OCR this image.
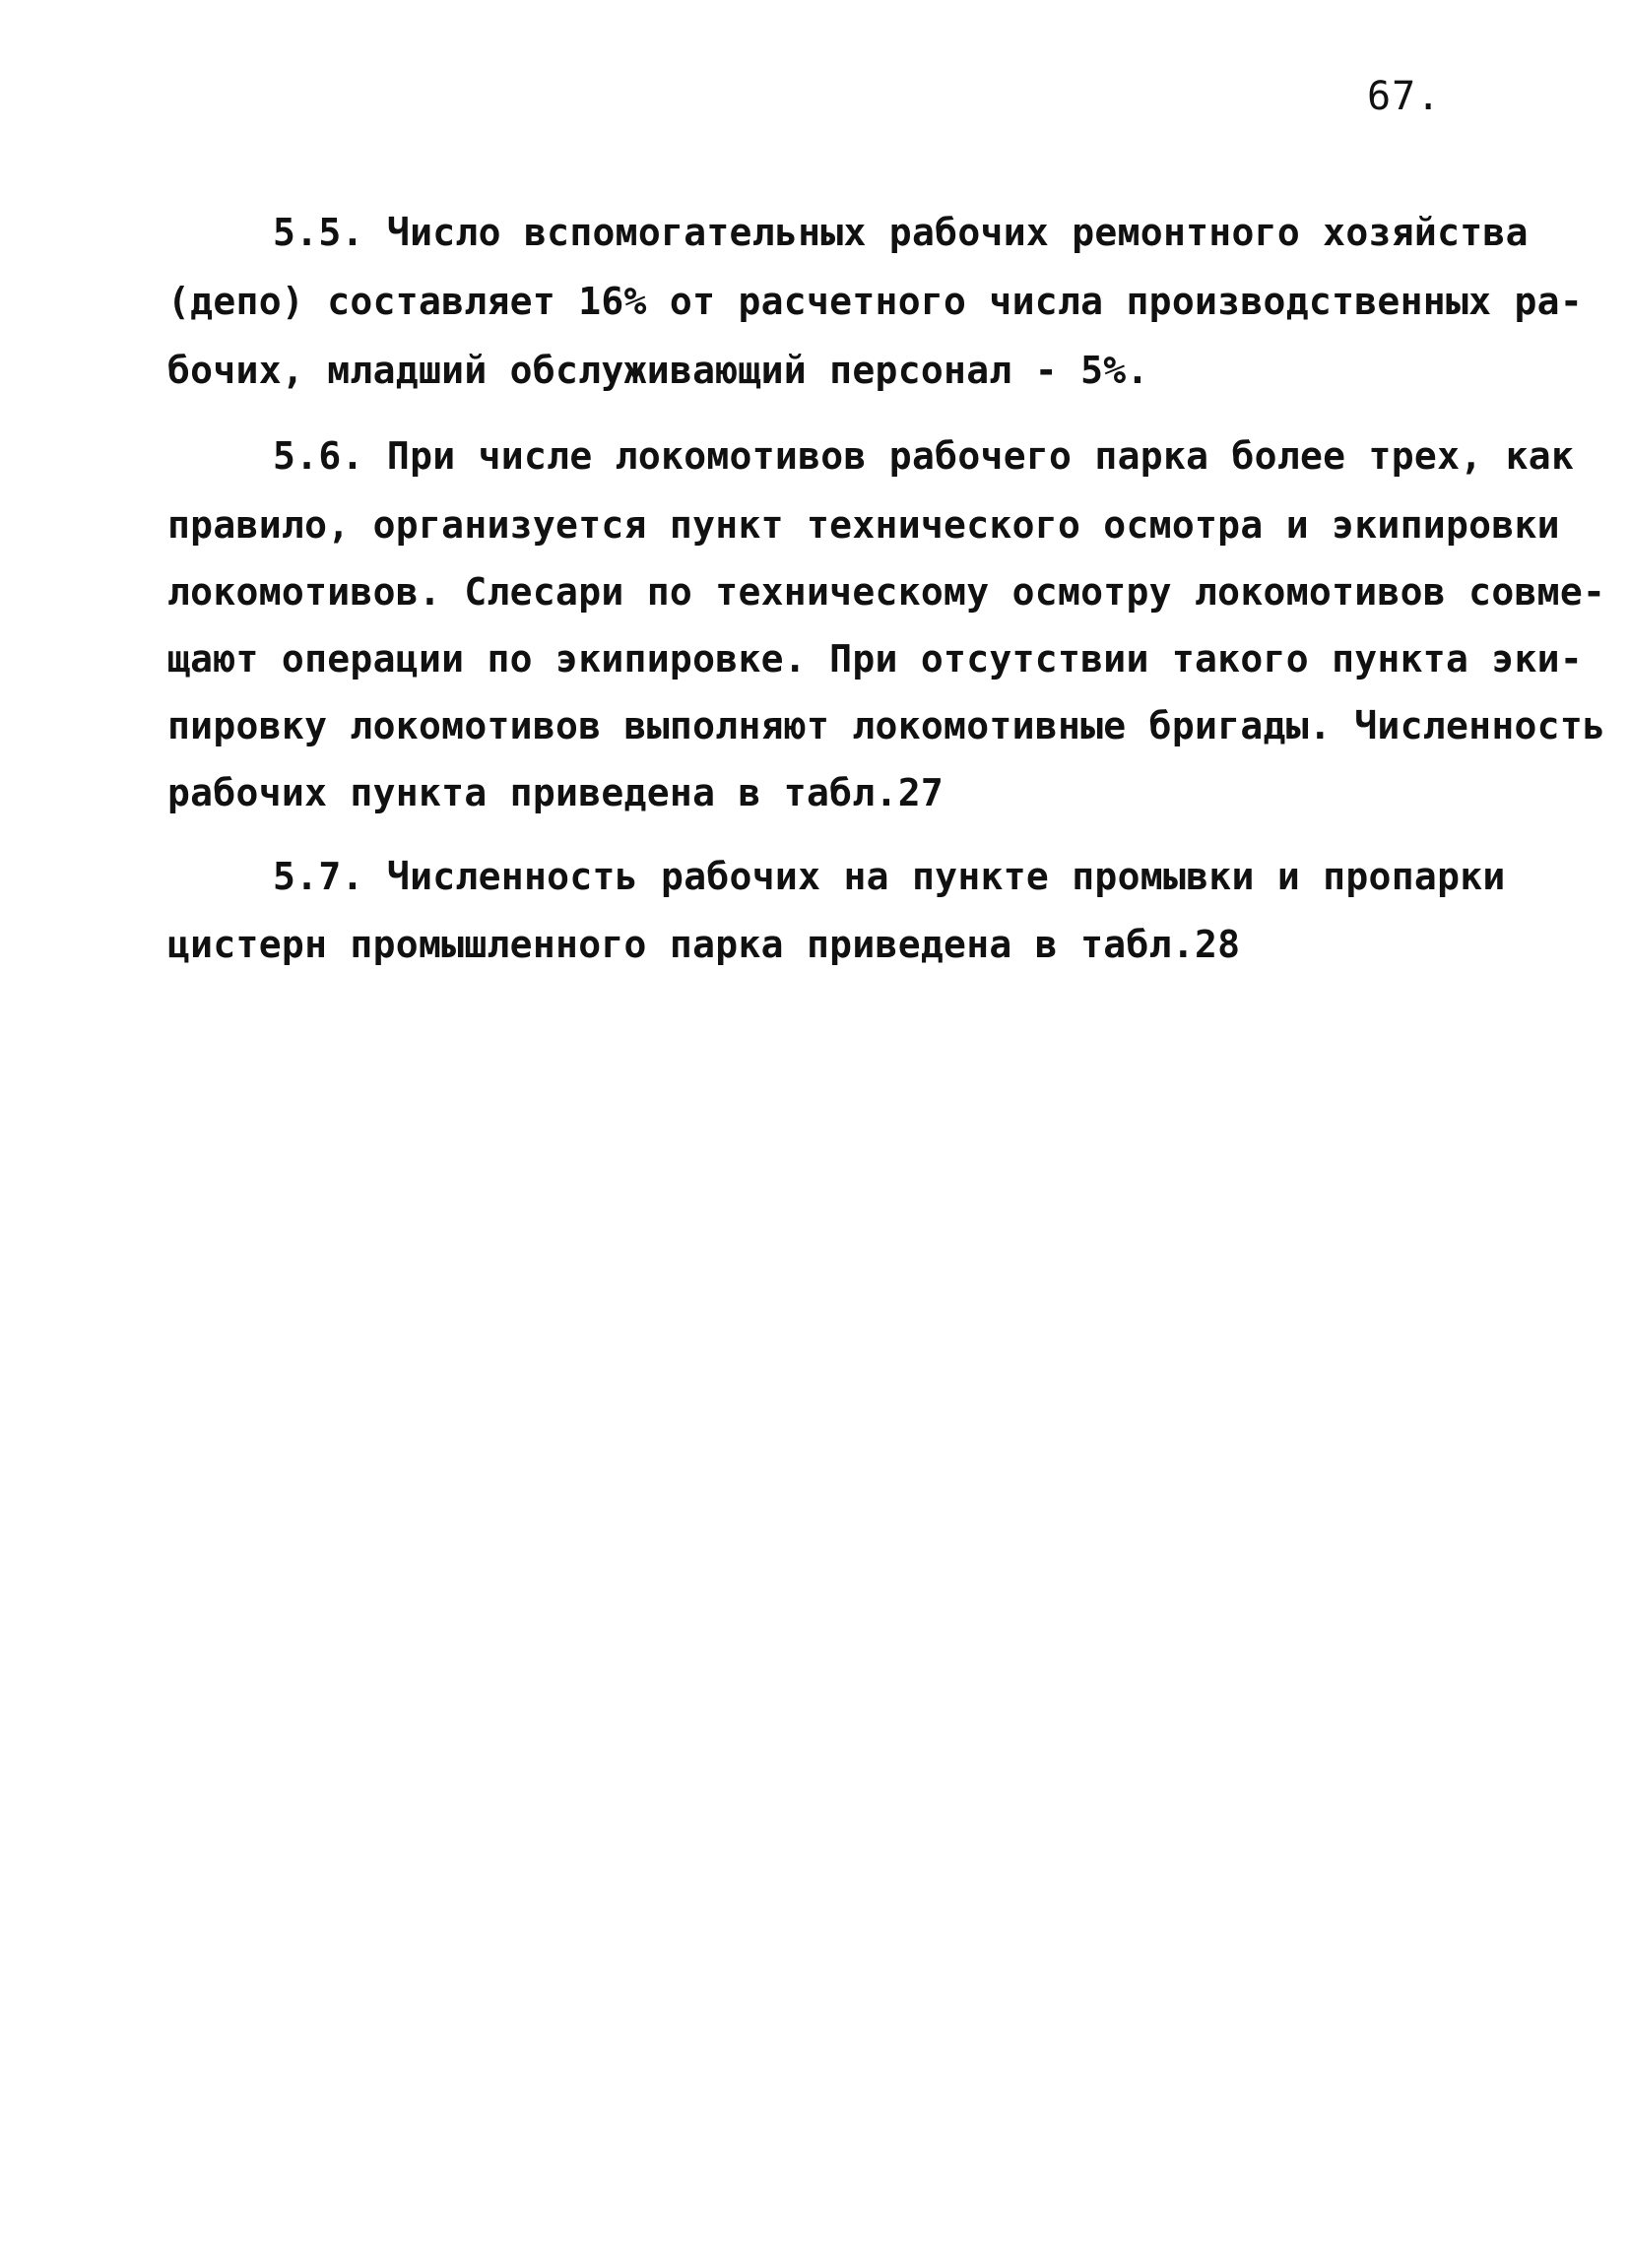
67.
5.5. Число вспомогательных рабочих ремонтного хозяйства
(депо) составляет 16% от расчетного числа производственных ра-
бочих, младший обслуживающий персонал - 5%.
5.6. При числе локомотивов рабочего парка более трех, как
правило, организуется пункт технического осмотра и экипировки
локомотивов. Слесари по техническому осмотру локомотивов совме-
щают операции по экипировке. При отсутствии такого пункта эки-
пировку локомотивов выполняют локомотивные бригады. Численность
рабочих пункта приведена в табл.27
5.7. Численность рабочих на пункте промывки и пропарки
цистерн промышленного парка приведена в табл.28
